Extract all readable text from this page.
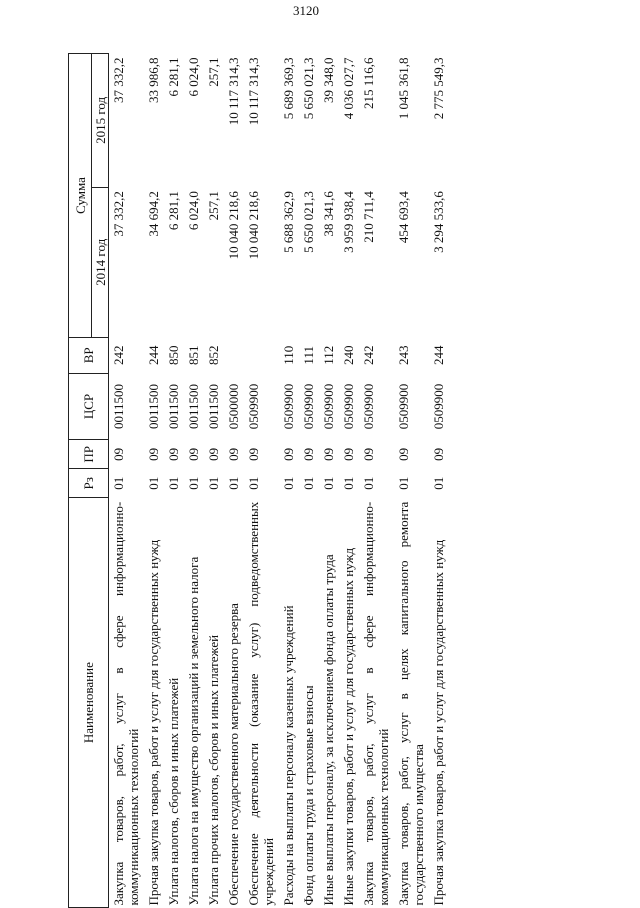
3120
Наименование	Рз	ПР	ЦСР	ВР	Сумма	
					2014 год	2015 год
Закупка товаров, работ, услуг в сфере информационно-коммуникационных технологий	01	09	0011500	242	37 332,2	37 332,2
Прочая закупка товаров, работ и услуг для государственных нужд	01	09	0011500	244	34 694,2	33 986,8
Уплата налогов, сборов и иных платежей	01	09	0011500	850	6 281,1	6 281,1
Уплата налога на имущество организаций и земельного налога	01	09	0011500	851	6 024,0	6 024,0
Уплата прочих налогов, сборов и иных платежей	01	09	0011500	852	257,1	257,1
Обеспечение государственного материального резерва	01	09	0500000		10 040 218,6	10 117 314,3
Обеспечение деятельности (оказание услуг) подведомственных учреждений	01	09	0509900		10 040 218,6	10 117 314,3
Расходы на выплаты персоналу казенных учреждений	01	09	0509900	110	5 688 362,9	5 689 369,3
Фонд оплаты труда и страховые взносы	01	09	0509900	111	5 650 021,3	5 650 021,3
Иные выплаты персоналу, за исключением фонда оплаты труда	01	09	0509900	112	38 341,6	39 348,0
Иные закупки товаров, работ и услуг для государственных нужд	01	09	0509900	240	3 959 938,4	4 036 027,7
Закупка товаров, работ, услуг в сфере информационно-коммуникационных технологий	01	09	0509900	242	210 711,4	215 116,6
Закупка товаров, работ, услуг в целях капитального ремонта государственного имущества	01	09	0509900	243	454 693,4	1 045 361,8
Прочая закупка товаров, работ и услуг для государственных нужд	01	09	0509900	244	3 294 533,6	2 775 549,3
